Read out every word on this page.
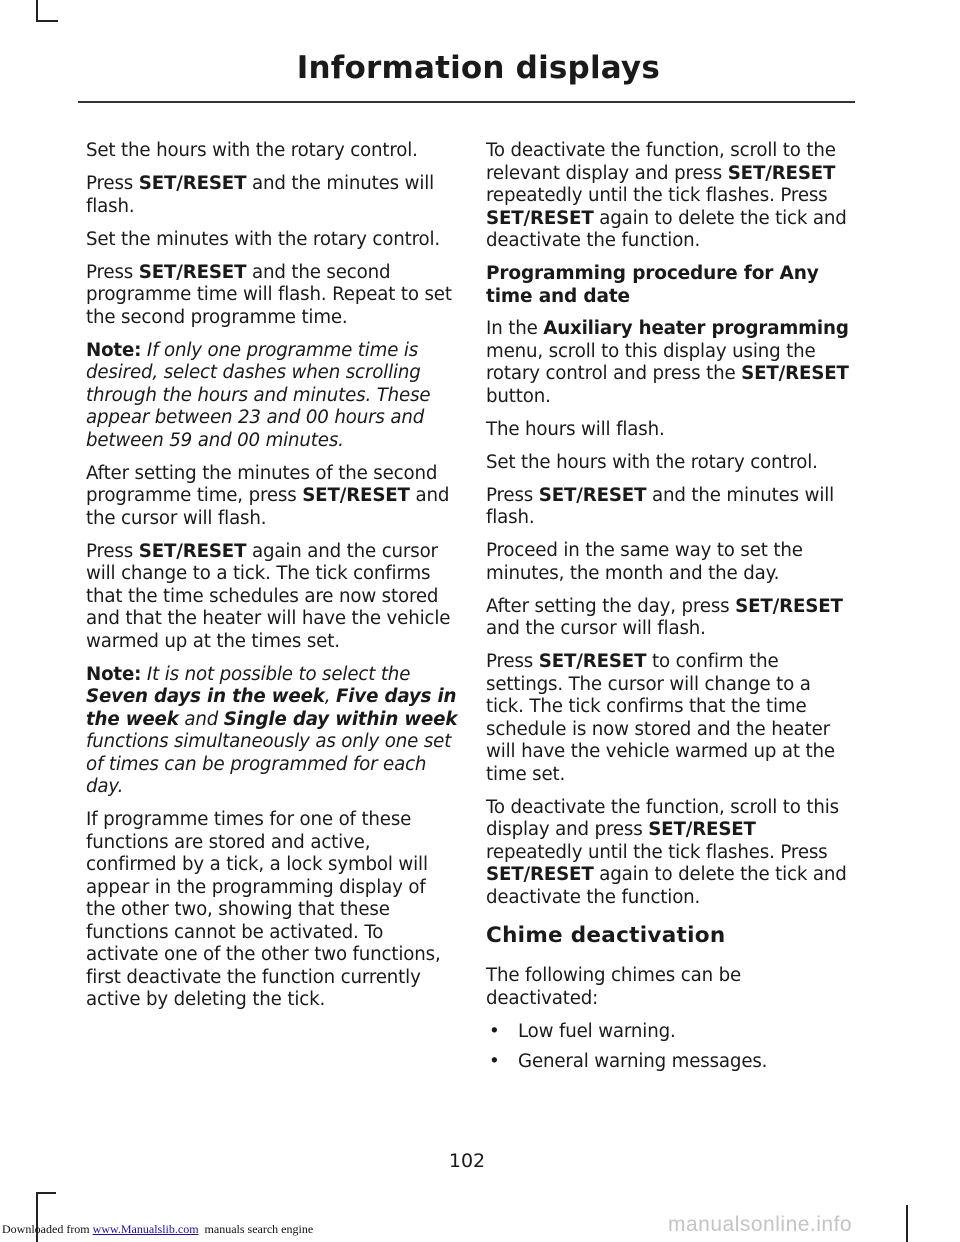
Information displays

Set the hours with the rotary control.

Press SET/RESET and the minutes will flash.

Set the minutes with the rotary control.

Press SET/RESET and the second programme time will flash. Repeat to set the second programme time.

Note: If only one programme time is desired, select dashes when scrolling through the hours and minutes. These appear between 23 and 00 hours and between 59 and 00 minutes.

After setting the minutes of the second programme time, press SET/RESET and the cursor will flash.

Press SET/RESET again and the cursor will change to a tick. The tick confirms that the time schedules are now stored and that the heater will have the vehicle warmed up at the times set.

Note: It is not possible to select the Seven days in the week, Five days in the week and Single day within week functions simultaneously as only one set of times can be programmed for each day.

If programme times for one of these functions are stored and active, confirmed by a tick, a lock symbol will appear in the programming display of the other two, showing that these functions cannot be activated. To activate one of the other two functions, first deactivate the function currently active by deleting the tick.

To deactivate the function, scroll to the relevant display and press SET/RESET repeatedly until the tick flashes. Press SET/RESET again to delete the tick and deactivate the function.

Programming procedure for Any time and date

In the Auxiliary heater programming menu, scroll to this display using the rotary control and press the SET/RESET button.

The hours will flash.

Set the hours with the rotary control.

Press SET/RESET and the minutes will flash.

Proceed in the same way to set the minutes, the month and the day.

After setting the day, press SET/RESET and the cursor will flash.

Press SET/RESET to confirm the settings. The cursor will change to a tick. The tick confirms that the time schedule is now stored and the heater will have the vehicle warmed up at the time set.

To deactivate the function, scroll to this display and press SET/RESET repeatedly until the tick flashes. Press SET/RESET again to delete the tick and deactivate the function.

Chime deactivation

The following chimes can be deactivated:

• Low fuel warning.
• General warning messages.
102
Downloaded from www.Manualslib.com  manuals search engine	manualsonline.info
